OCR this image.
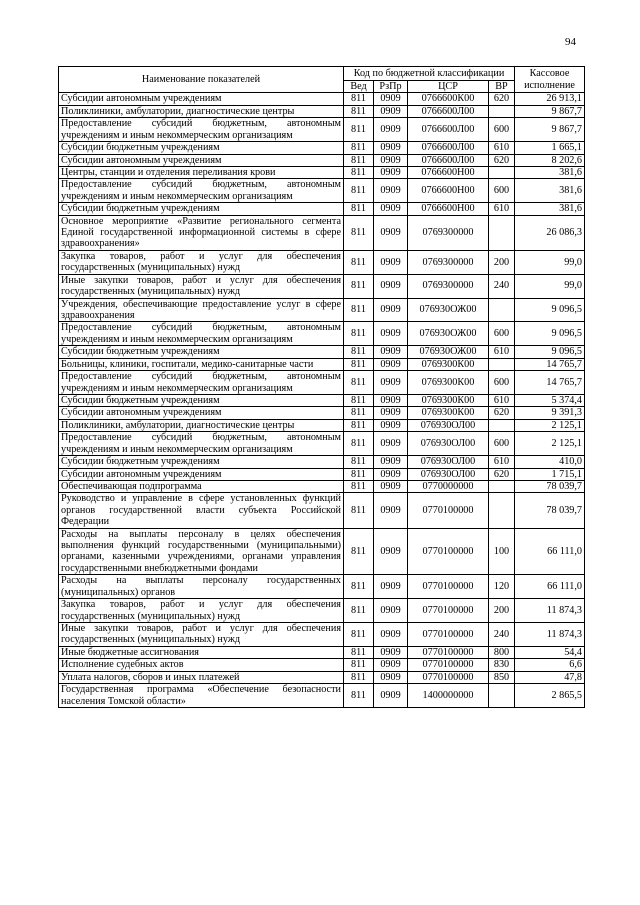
94
Наименование показателей	Код по бюджетной классификации				Кассовое исполнение
	Вед	РзПр	ЦСР	ВР	
Субсидии автономным учреждениям	811	0909	0766600К00	620	26 913,1
Поликлиники, амбулатории, диагностические центры	811	0909	0766600Л00		9 867,7
Предоставление субсидий бюджетным, автономным учреждениям и иным некоммерческим организациям	811	0909	0766600Л00	600	9 867,7
Субсидии бюджетным учреждениям	811	0909	0766600Л00	610	1 665,1
Субсидии автономным учреждениям	811	0909	0766600Л00	620	8 202,6
Центры, станции и отделения переливания крови	811	0909	0766600Н00		381,6
Предоставление субсидий бюджетным, автономным учреждениям и иным некоммерческим организациям	811	0909	0766600Н00	600	381,6
Субсидии бюджетным учреждениям	811	0909	0766600Н00	610	381,6
Основное мероприятие «Развитие регионального сегмента Единой государственной информационной системы в сфере здравоохранения»	811	0909	0769300000		26 086,3
Закупка товаров, работ и услуг для обеспечения государственных (муниципальных) нужд	811	0909	0769300000	200	99,0
Иные закупки товаров, работ и услуг для обеспечения государственных (муниципальных) нужд	811	0909	0769300000	240	99,0
Учреждения, обеспечивающие предоставление услуг в сфере здравоохранения	811	0909	076930ОЖ00		9 096,5
Предоставление субсидий бюджетным, автономным учреждениям и иным некоммерческим организациям	811	0909	076930ОЖ00	600	9 096,5
Субсидии бюджетным учреждениям	811	0909	076930ОЖ00	610	9 096,5
Больницы, клиники, госпитали, медико-санитарные части	811	0909	0769300К00		14 765,7
Предоставление субсидий бюджетным, автономным учреждениям и иным некоммерческим организациям	811	0909	0769300К00	600	14 765,7
Субсидии бюджетным учреждениям	811	0909	0769300К00	610	5 374,4
Субсидии автономным учреждениям	811	0909	0769300К00	620	9 391,3
Поликлиники, амбулатории, диагностические центры	811	0909	076930ОЛ00		2 125,1
Предоставление субсидий бюджетным, автономным учреждениям и иным некоммерческим организациям	811	0909	076930ОЛ00	600	2 125,1
Субсидии бюджетным учреждениям	811	0909	076930ОЛ00	610	410,0
Субсидии автономным учреждениям	811	0909	076930ОЛ00	620	1 715,1
Обеспечивающая подпрограмма	811	0909	0770000000		78 039,7
Руководство и управление в сфере установленных функций органов государственной власти субъекта Российской Федерации	811	0909	0770100000		78 039,7
Расходы на выплаты персоналу в целях обеспечения выполнения функций государственными (муниципальными) органами, казенными учреждениями, органами управления государственными внебюджетными фондами	811	0909	0770100000	100	66 111,0
Расходы на выплаты персоналу государственных (муниципальных) органов	811	0909	0770100000	120	66 111,0
Закупка товаров, работ и услуг для обеспечения государственных (муниципальных) нужд	811	0909	0770100000	200	11 874,3
Иные закупки товаров, работ и услуг для обеспечения государственных (муниципальных) нужд	811	0909	0770100000	240	11 874,3
Иные бюджетные ассигнования	811	0909	0770100000	800	54,4
Исполнение судебных актов	811	0909	0770100000	830	6,6
Уплата налогов, сборов и иных платежей	811	0909	0770100000	850	47,8
Государственная программа «Обеспечение безопасности населения Томской области»	811	0909	1400000000		2 865,5
